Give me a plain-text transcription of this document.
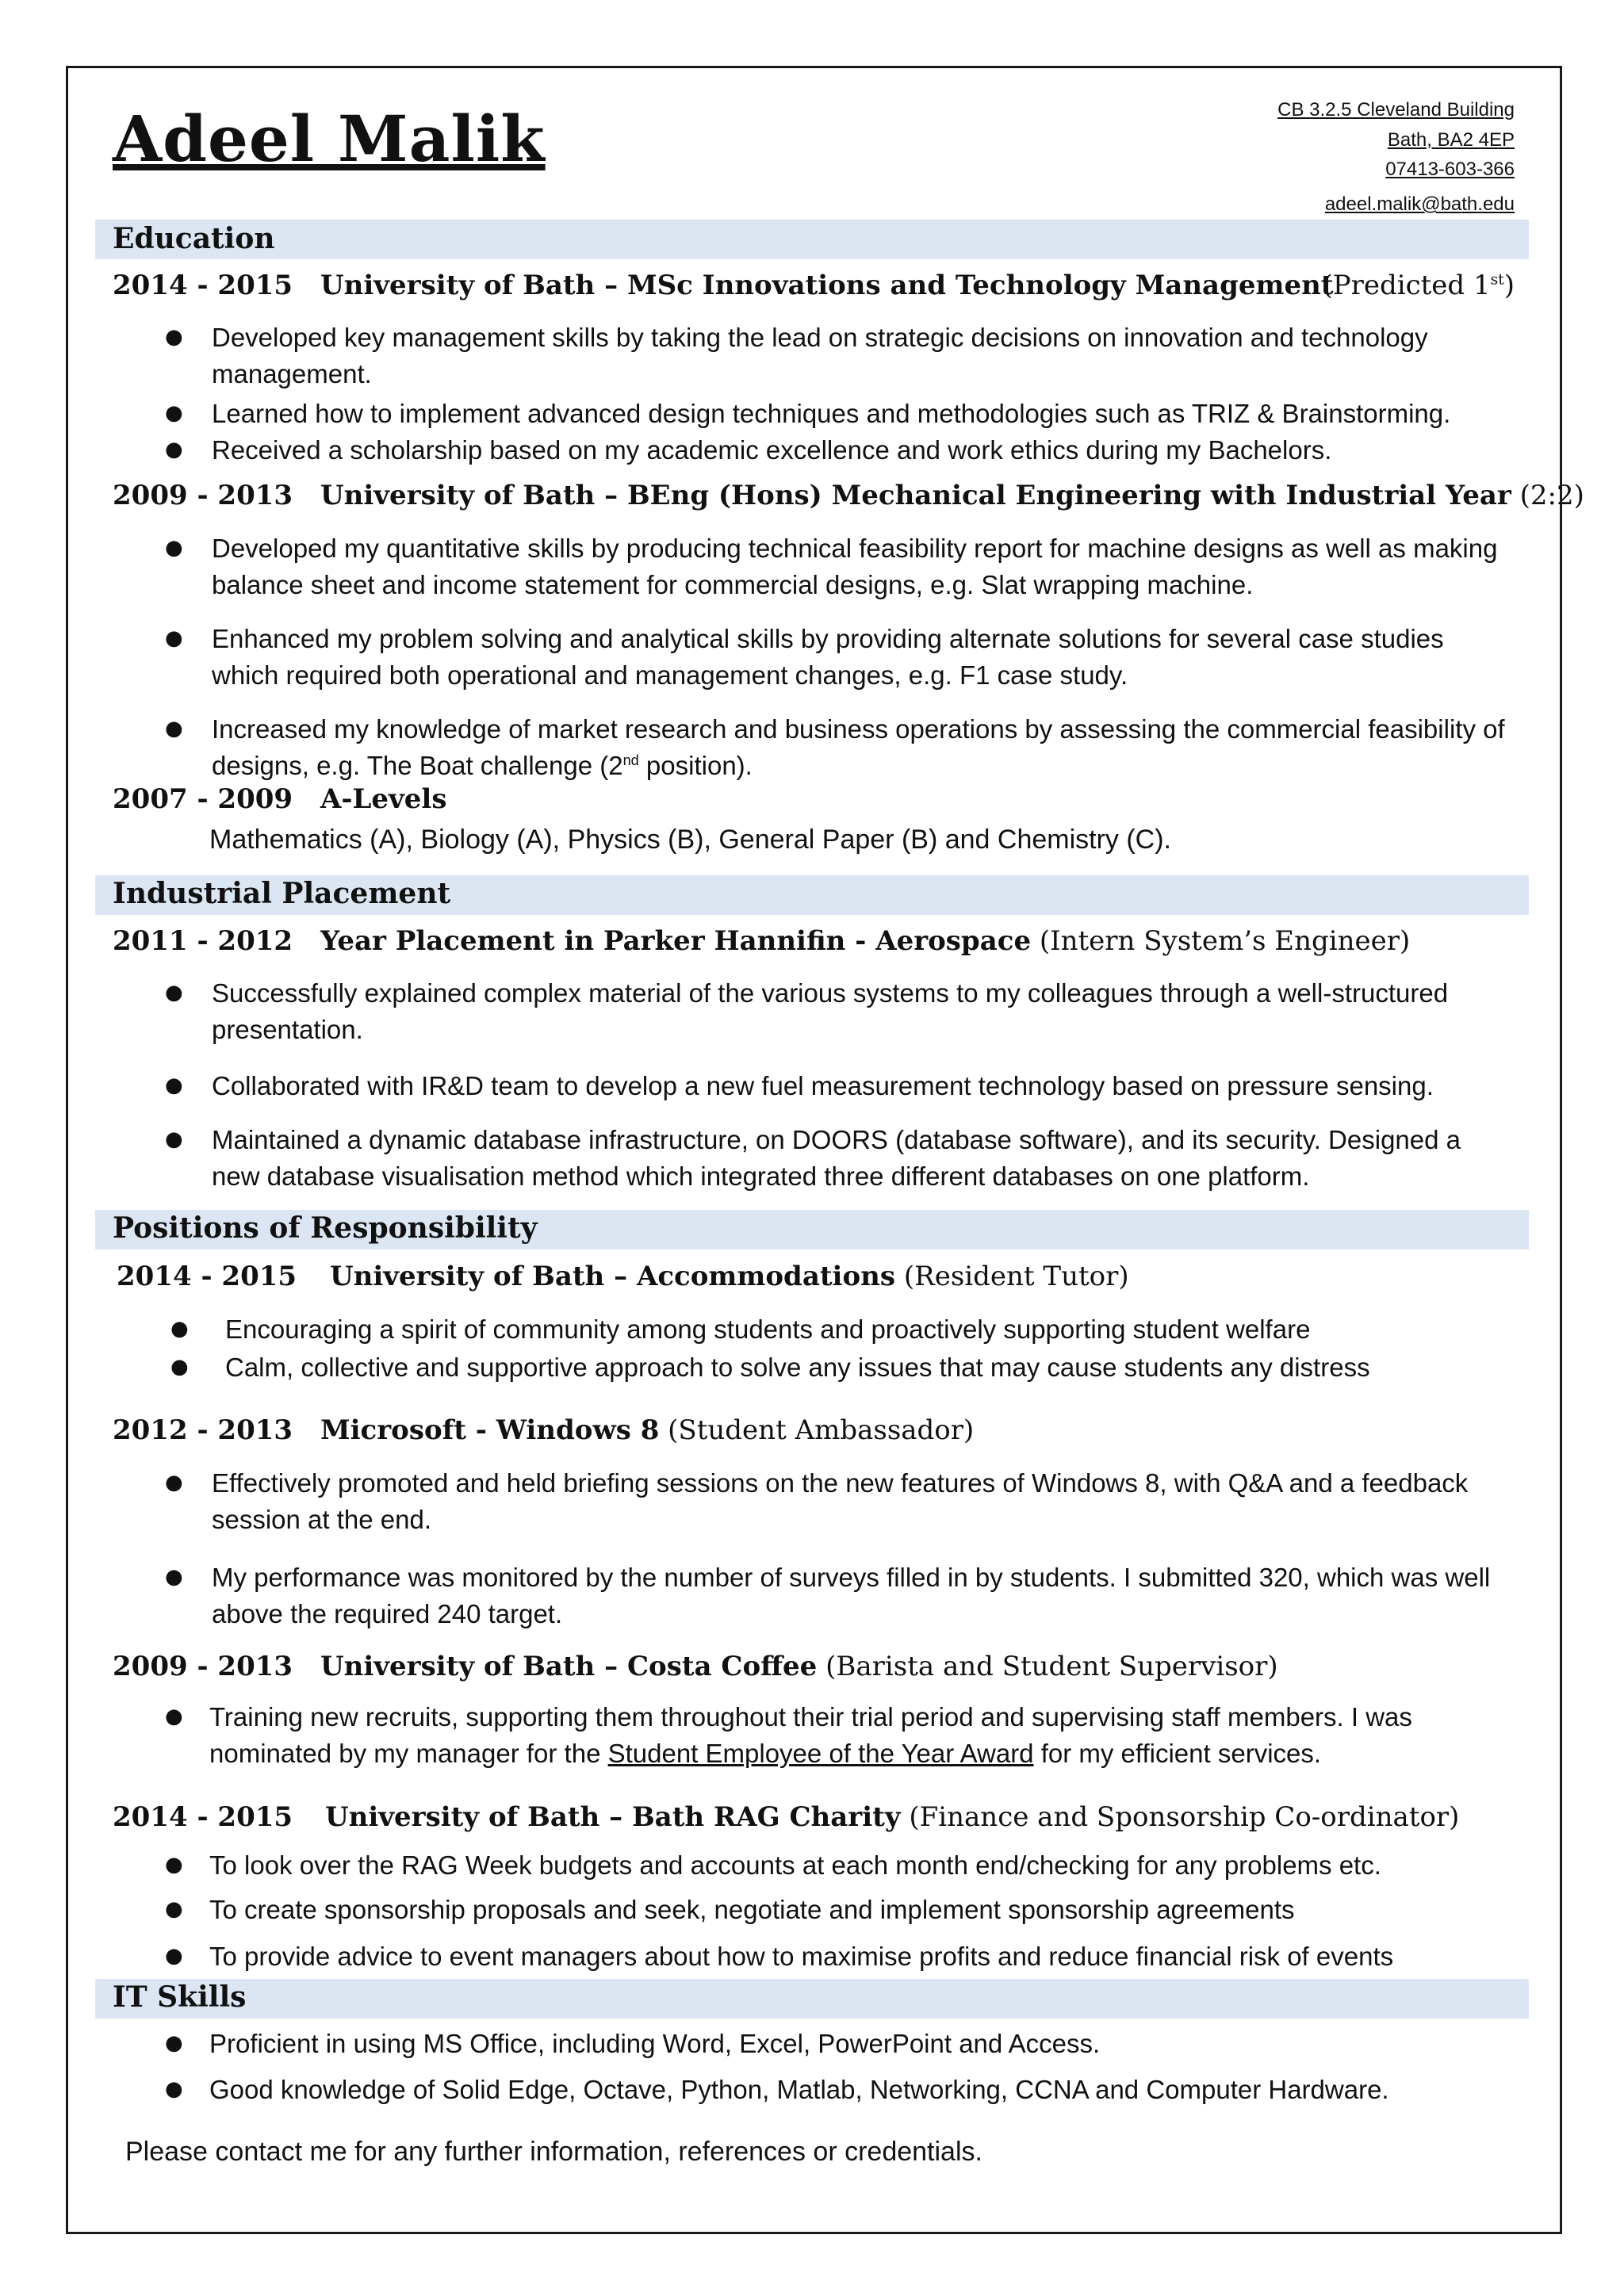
Adeel Malik	CB 3.2.5 Cleveland Building
Bath, BA2 4EP
07413-603-366
adeel.malik@bath.edu
Education
2014 - 2015 University of Bath – MSc Innovations and Technology Management
(Predicted 1st)
● Developed key management skills by taking the lead on strategic decisions on innovation and technology management.
● Learned how to implement advanced design techniques and methodologies such as TRIZ & Brainstorming.
● Received a scholarship based on my academic excellence and work ethics during my Bachelors.
2009 - 2013 University of Bath – BEng (Hons) Mechanical Engineering with Industrial Year (2:2)
● Developed my quantitative skills by producing technical feasibility report for machine designs as well as making balance sheet and income statement for commercial designs, e.g. Slat wrapping machine.
● Enhanced my problem solving and analytical skills by providing alternate solutions for several case studies which required both operational and management changes, e.g. F1 case study.
● Increased my knowledge of market research and business operations by assessing the commercial feasibility of designs, e.g. The Boat challenge (2nd position).
2007 - 2009 A-Levels
Mathematics (A), Biology (A), Physics (B), General Paper (B) and Chemistry (C).
Industrial Placement
2011 - 2012 Year Placement in Parker Hannifin - Aerospace (Intern System’s Engineer)
● Successfully explained complex material of the various systems to my colleagues through a well-structured presentation.
● Collaborated with IR&D team to develop a new fuel measurement technology based on pressure sensing.
● Maintained a dynamic database infrastructure, on DOORS (database software), and its security. Designed a new database visualisation method which integrated three different databases on one platform.
Positions of Responsibility
2014 - 2015 University of Bath – Accommodations (Resident Tutor)
● Encouraging a spirit of community among students and proactively supporting student welfare
● Calm, collective and supportive approach to solve any issues that may cause students any distress
2012 - 2013 Microsoft - Windows 8 (Student Ambassador)
● Effectively promoted and held briefing sessions on the new features of Windows 8, with Q&A and a feedback session at the end.
● My performance was monitored by the number of surveys filled in by students. I submitted 320, which was well above the required 240 target.
2009 - 2013 University of Bath – Costa Coffee (Barista and Student Supervisor)
● Training new recruits, supporting them throughout their trial period and supervising staff members. I was nominated by my manager for the Student Employee of the Year Award for my efficient services.
2014 - 2015 University of Bath – Bath RAG Charity (Finance and Sponsorship Co-ordinator)
● To look over the RAG Week budgets and accounts at each month end/checking for any problems etc.
● To create sponsorship proposals and seek, negotiate and implement sponsorship agreements
● To provide advice to event managers about how to maximise profits and reduce financial risk of events
IT Skills
● Proficient in using MS Office, including Word, Excel, PowerPoint and Access.
● Good knowledge of Solid Edge, Octave, Python, Matlab, Networking, CCNA and Computer Hardware.
Please contact me for any further information, references or credentials.
